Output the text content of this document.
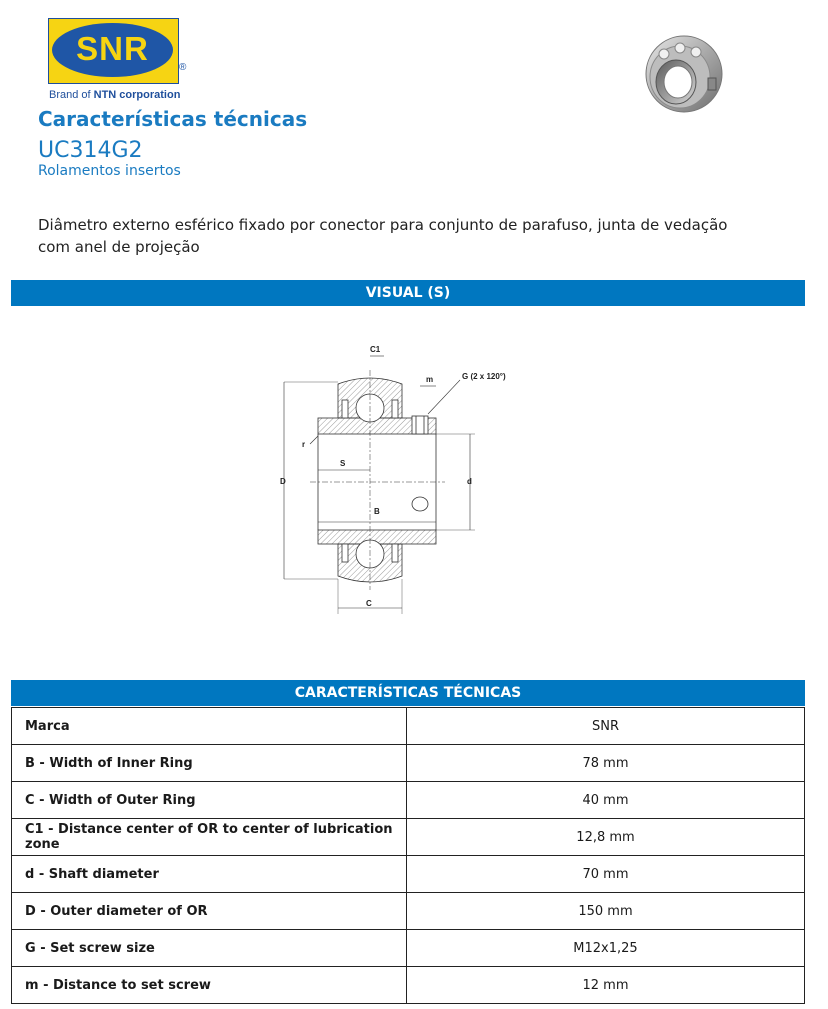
SNR
®
Brand of NTN corporation
Características técnicas
UC314G2
Rolamentos insertos
Diâmetro externo esférico fixado por conector para conjunto de parafuso, junta de vedação com anel de projeção
VISUAL (S)
C1
m	G (2 x 120°)
r
S
D	d
B
C
CARACTERÍSTICAS TÉCNICAS
Marca	SNR
B - Width of Inner Ring	78 mm
C - Width of Outer Ring	40 mm
C1 - Distance center of OR to center of lubrication zone	12,8 mm
d - Shaft diameter	70 mm
D - Outer diameter of OR	150 mm
G - Set screw size	M12x1,25
m - Distance to set screw	12 mm
